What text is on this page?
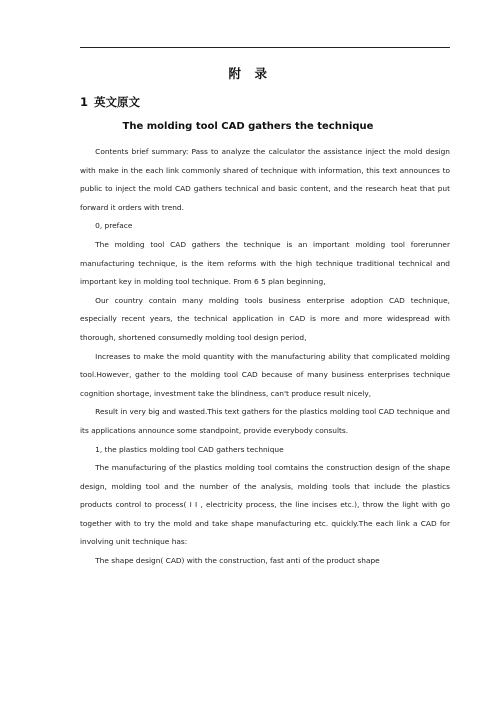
附　录
1 英文原文
The molding tool CAD gathers the technique

Contents brief summary: Pass to analyze the calculator the assistance inject the mold design with make in the each link commonly shared of technique with information, this text announces to public to inject the mold CAD gathers technical and basic content, and the research heat that put forward it orders with trend.

0, preface

The molding tool CAD gathers the technique is an important molding tool forerunner manufacturing technique, is the item reforms with the high technique traditional technical and important key in molding tool technique. From 6 5 plan beginning,

Our country contain many molding tools business enterprise adoption CAD technique, especially recent years, the technical application in CAD is more and more widespread with thorough, shortened consumedly molding tool design period,

Increases to make the mold quantity with the manufacturing ability that complicated molding tool.However, gather to the molding tool CAD because of many business enterprises technique cognition shortage, investment take the blindness, can't produce result nicely,

Result in very big and wasted.This text gathers for the plastics molding tool CAD technique and its applications announce some standpoint, provide everybody consults.

1, the plastics molding tool CAD gathers technique

The manufacturing of the plastics molding tool comtains the construction design of the shape design, molding tool and the number of the analysis, molding tools that include the plastics products control to process( I I , electricity process, the line incises etc.), throw the light with go together with to try the mold and take shape manufacturing etc. quickly.The each link a CAD for involving unit technique has:

The shape design( CAD) with the construction, fast anti of the product shape
